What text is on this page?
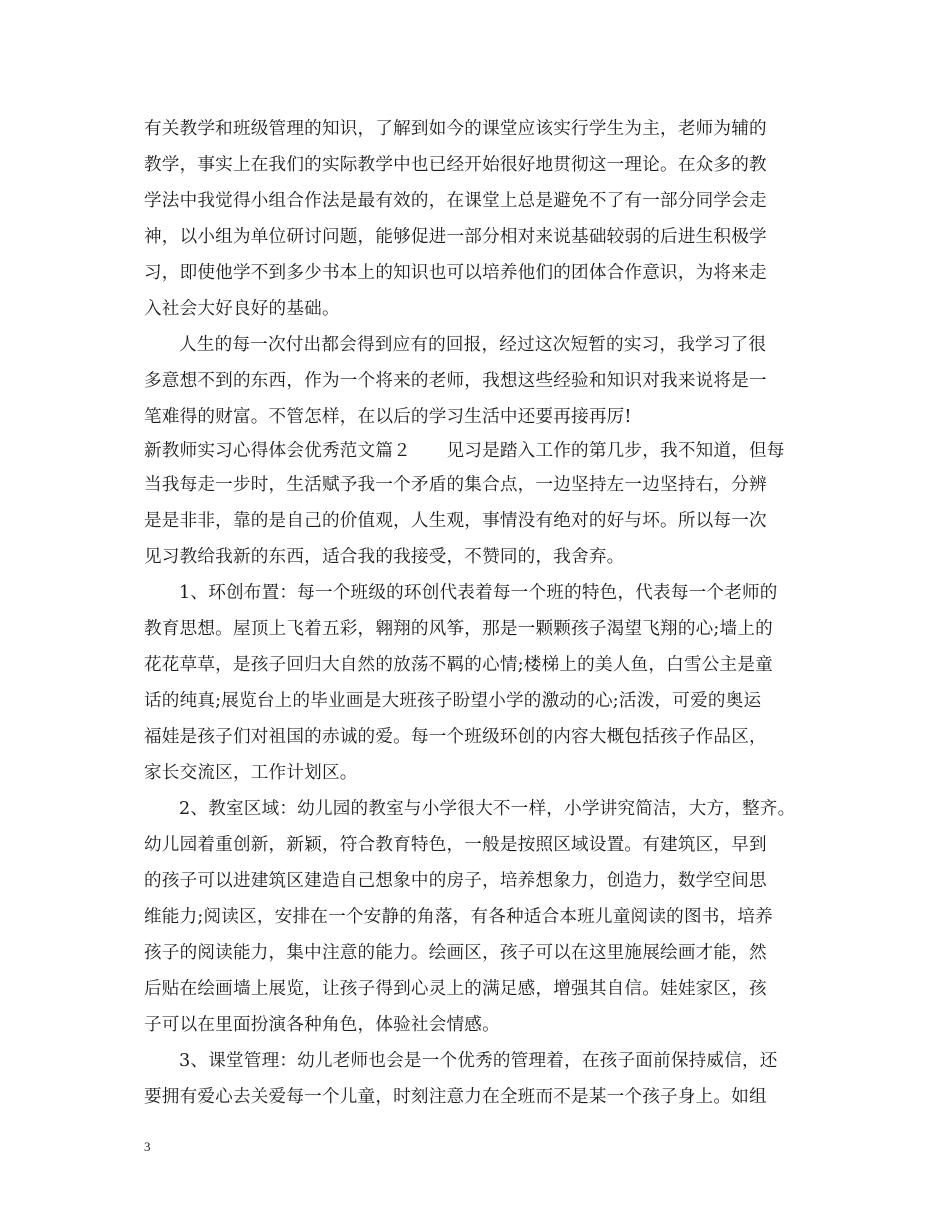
有关教学和班级管理的知识，了解到如今的课堂应该实行学生为主，老师为辅的
教学，事实上在我们的实际教学中也已经开始很好地贯彻这一理论。在众多的教
学法中我觉得小组合作法是最有效的，在课堂上总是避免不了有一部分同学会走
神，以小组为单位研讨问题，能够促进一部分相对来说基础较弱的后进生积极学
习，即使他学不到多少书本上的知识也可以培养他们的团体合作意识，为将来走
入社会大好良好的基础。
人生的每一次付出都会得到应有的回报，经过这次短暂的实习，我学习了很
多意想不到的东西，作为一个将来的老师，我想这些经验和知识对我来说将是一
笔难得的财富。不管怎样，在以后的学习生活中还要再接再厉!
新教师实习心得体会优秀范文篇２　　见习是踏入工作的第几步，我不知道，但每
当我每走一步时，生活赋予我一个矛盾的集合点，一边坚持左一边坚持右，分辨
是是非非，靠的是自己的价值观，人生观，事情没有绝对的好与坏。所以每一次
见习教给我新的东西，适合我的我接受，不赞同的，我舍弃。
1、环创布置：每一个班级的环创代表着每一个班的特色，代表每一个老师的
教育思想。屋顶上飞着五彩，翱翔的风筝，那是一颗颗孩子渴望飞翔的心;墙上的
花花草草，是孩子回归大自然的放荡不羁的心情;楼梯上的美人鱼，白雪公主是童
话的纯真;展览台上的毕业画是大班孩子盼望小学的激动的心;活泼，可爱的奥运
福娃是孩子们对祖国的赤诚的爱。每一个班级环创的内容大概包括孩子作品区，
家长交流区，工作计划区。
2、教室区域：幼儿园的教室与小学很大不一样，小学讲究简洁，大方，整齐。
幼儿园着重创新，新颖，符合教育特色，一般是按照区域设置。有建筑区，早到
的孩子可以进建筑区建造自己想象中的房子，培养想象力，创造力，数学空间思
维能力;阅读区，安排在一个安静的角落，有各种适合本班儿童阅读的图书，培养
孩子的阅读能力，集中注意的能力。绘画区，孩子可以在这里施展绘画才能，然
后贴在绘画墙上展览，让孩子得到心灵上的满足感，增强其自信。娃娃家区，孩
子可以在里面扮演各种角色，体验社会情感。
3、课堂管理：幼儿老师也会是一个优秀的管理着，在孩子面前保持威信，还
要拥有爱心去关爱每一个儿童，时刻注意力在全班而不是某一个孩子身上。如组
3
